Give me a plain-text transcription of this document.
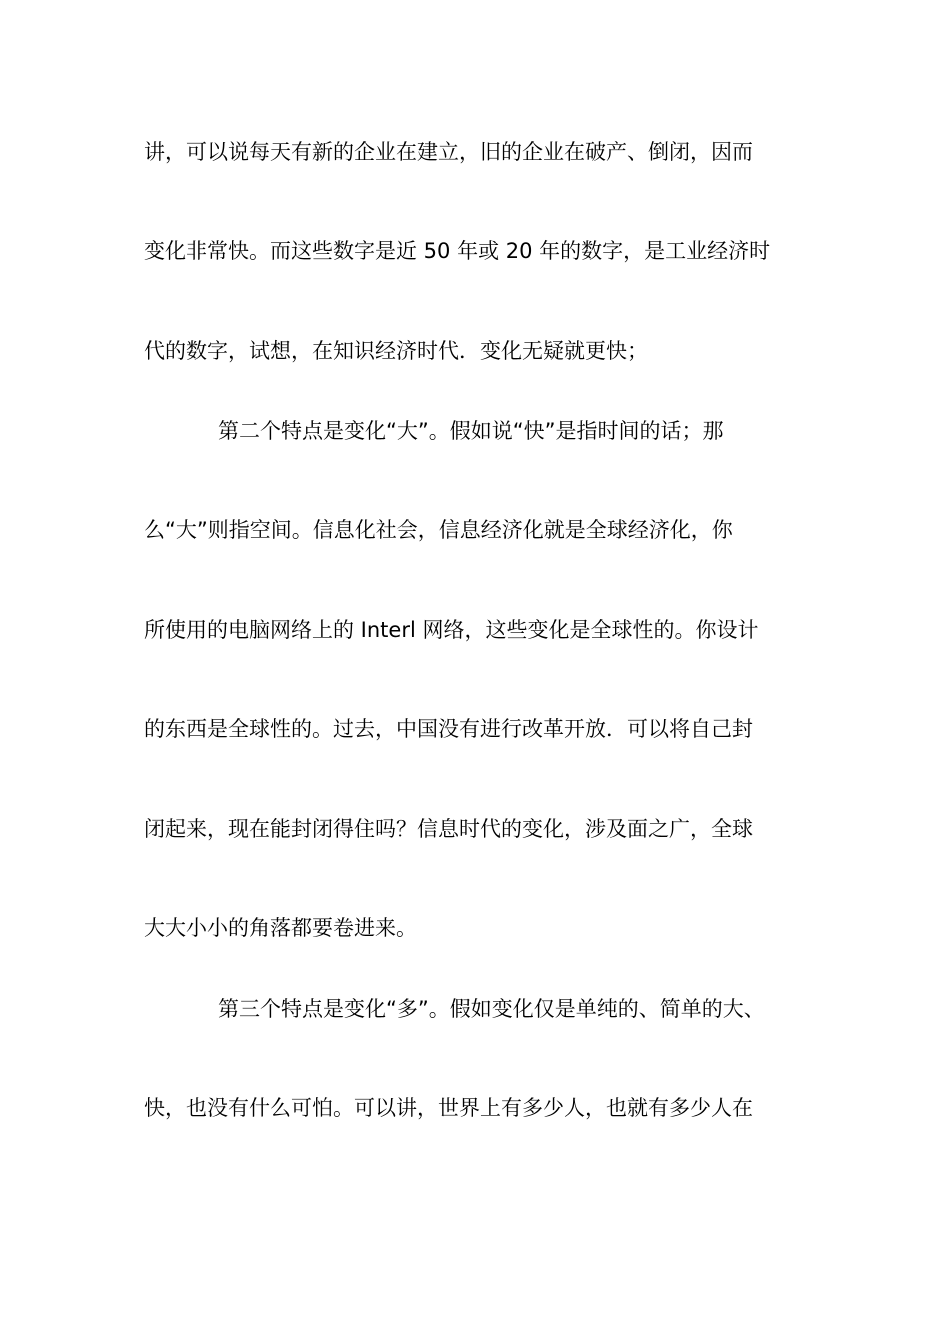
讲，可以说每天有新的企业在建立，旧的企业在破产、倒闭，因而
变化非常快。而这些数字是近 50 年或 20 年的数字，是工业经济时
代的数字，试想，在知识经济时代．变化无疑就更快；
第二个特点是变化“大”。假如说“快”是指时间的话；那
么“大”则指空间。信息化社会，信息经济化就是全球经济化，你
所使用的电脑网络上的 Interl 网络，这些变化是全球性的。你设计
的东西是全球性的。过去，中国没有进行改革开放．可以将自己封
闭起来，现在能封闭得住吗？信息时代的变化，涉及面之广，全球
大大小小的角落都要卷进来。
第三个特点是变化“多”。假如变化仅是单纯的、简单的大、
快，也没有什么可怕。可以讲，世界上有多少人，也就有多少人在
